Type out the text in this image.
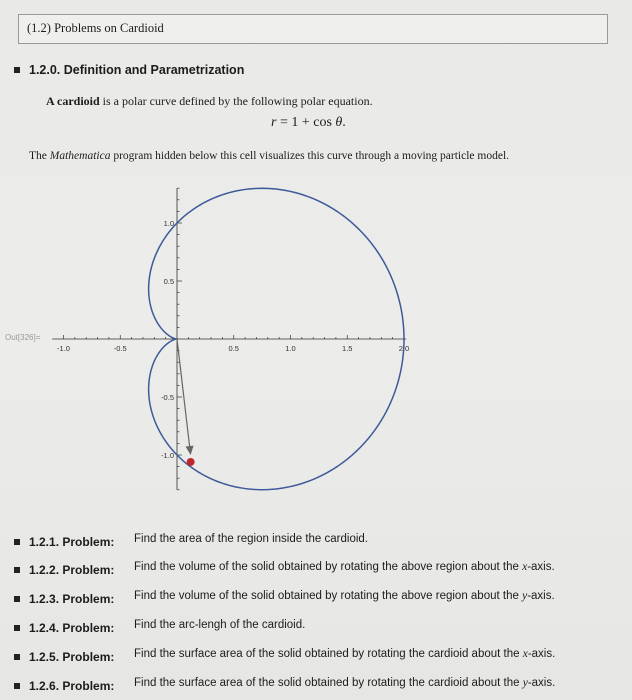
(1.2) Problems on Cardioid
1.2.0. Definition and Parametrization
A cardioid is a polar curve defined by the following polar equation.
r = 1 + cos θ.
The Mathematica program hidden below this cell visualizes this curve through a moving particle model.
Out[326]=
-1.0	-0.5	0.5	1.0	1.5	2.0
1.0
0.5
-0.5
-1.0
1.2.1. Problem: Find the area of the region inside the cardioid.
1.2.2. Problem: Find the volume of the solid obtained by rotating the above region about the x-axis.
1.2.3. Problem: Find the volume of the solid obtained by rotating the above region about the y-axis.
1.2.4. Problem: Find the arc-lengh of the cardioid.
1.2.5. Problem: Find the surface area of the solid obtained by rotating the cardioid about the x-axis.
1.2.6. Problem: Find the surface area of the solid obtained by rotating the cardioid about the y-axis.
